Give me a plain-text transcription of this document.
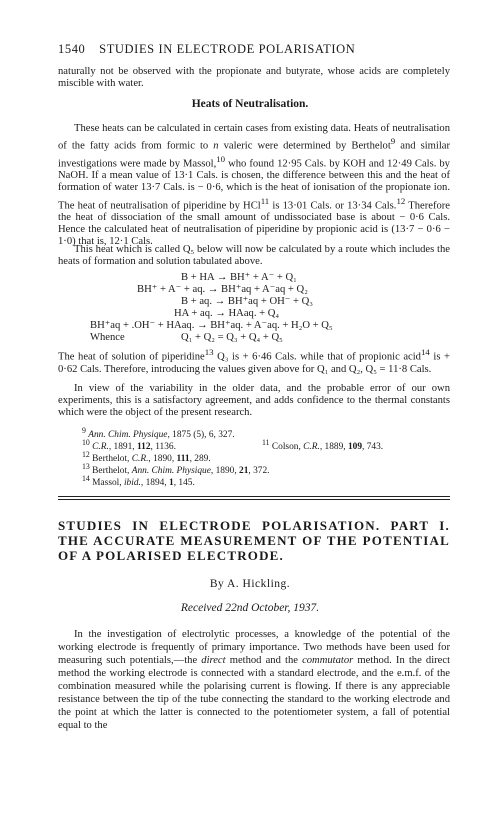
1540 STUDIES IN ELECTRODE POLARISATION
naturally not be observed with the propionate and butyrate, whose acids are completely miscible with water.
Heats of Neutralisation.
These heats can be calculated in certain cases from existing data. Heats of neutralisation of the fatty acids from formic to n valeric were determined by Berthelot$^9$ and similar investigations were made by Massol,$^{10}$ who found 12·95 Cals. by KOH and 12·49 Cals. by NaOH. If a mean value of 13·1 Cals. is chosen, the difference between this and the heat of formation of water 13·7 Cals. is − 0·6, which is the heat of ionisation of the propionate ion. The heat of neutralisation of piperidine by HCl$^{11}$ is 13·01 Cals. or 13·34 Cals.$^{12}$ Therefore the heat of dissociation of the small amount of undissociated base is about − 0·6 Cals. Hence the calculated heat of neutralisation of piperidine by propionic acid is (13·7 − 0·6 − 1·0) that is, 12·1 Cals.
This heat which is called Q₅ below will now be calculated by a route which includes the heats of formation and solution tabulated above.
B + HA → BH⁺ + A⁻ + Q₁
BH⁺ + A⁻ + aq. → BH⁺aq + A⁻aq + Q₂
B + aq. → BH⁺aq + OH⁻ + Q₃
HA + aq. → HAaq. + Q₄
BH⁺aq + .OH⁻ + HAaq. → BH⁺aq. + A⁻aq. + H₂O + Q₅
Whence	Q₁ + Q₂ = Q₃ + Q₄ + Q₅
The heat of solution of piperidine$^{13}$ Q₃ is + 6·46 Cals. while that of propionic acid$^{14}$ is + 0·62 Cals. Therefore, introducing the values given above for Q₁ and Q₂, Q₅ = 11·8 Cals.
In view of the variability in the older data, and the probable error of our own experiments, this is a satisfactory agreement, and adds confidence to the thermal constants which were the object of the present research.
$^9$ Ann. Chim. Physique, 1875 (5), 6, 327.
$^{10}$ C.R., 1891, 112, 1136.	$^{11}$ Colson, C.R., 1889, 109, 743.
$^{12}$ Berthelot, C.R., 1890, 111, 289.
$^{13}$ Berthelot, Ann. Chim. Physique, 1890, 21, 372.
$^{14}$ Massol, ibid., 1894, 1, 145.
STUDIES IN ELECTRODE POLARISATION. PART I. THE ACCURATE MEASUREMENT OF THE POTENTIAL OF A POLARISED ELECTRODE.
By A. Hickling.
Received 22nd October, 1937.
In the investigation of electrolytic processes, a knowledge of the potential of the working electrode is frequently of primary importance. Two methods have been used for measuring such potentials,—the direct method and the commutator method. In the direct method the working electrode is connected with a standard electrode, and the e.m.f. of the combination measured while the polarising current is flowing. If there is any appreciable resistance between the tip of the tube connecting the standard to the working electrode and the point at which the latter is connected to the potentiometer system, a fall of potential equal to the
